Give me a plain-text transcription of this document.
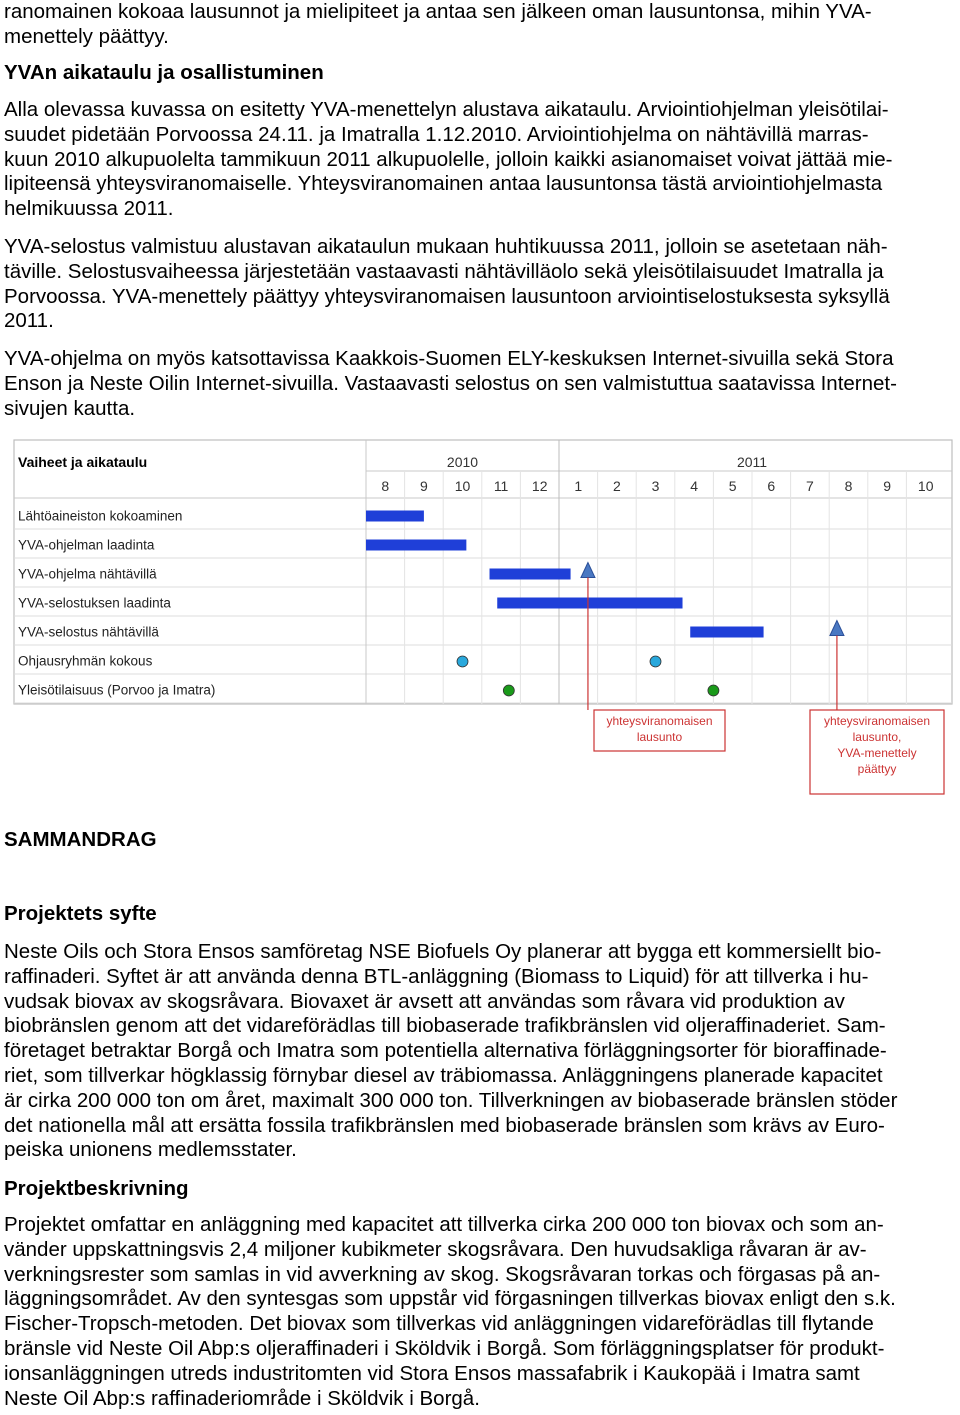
ranomainen kokoaa lausunnot ja mielipiteet ja antaa sen jälkeen oman lausuntonsa, mihin YVA-
menettely päättyy.
YVAn aikataulu ja osallistuminen
Alla olevassa kuvassa on esitetty YVA-menettelyn alustava aikataulu. Arviointiohjelman yleisötilai-
suudet pidetään Porvoossa 24.11. ja Imatralla 1.12.2010. Arviointiohjelma on nähtävillä marras-
kuun 2010 alkupuolelta tammikuun 2011 alkupuolelle, jolloin kaikki asianomaiset voivat jättää mie-
lipiteensä yhteysviranomaiselle. Yhteysviranomainen antaa lausuntonsa tästä arviointiohjelmasta
helmikuussa 2011.
YVA-selostus valmistuu alustavan aikataulun mukaan huhtikuussa 2011, jolloin se asetetaan näh-
täville. Selostusvaiheessa järjestetään vastaavasti nähtävilläolo sekä yleisötilaisuudet Imatralla ja
Porvoossa. YVA-menettely päättyy yhteysviranomaisen lausuntoon arviointiselostuksesta syksyllä
2011.
YVA-ohjelma on myös katsottavissa Kaakkois-Suomen ELY-keskuksen Internet-sivuilla sekä Stora
Enson ja Neste Oilin Internet-sivuilla. Vastaavasti selostus on sen valmistuttua saatavissa Internet-
sivujen kautta.
Vaiheet ja aikataulu	2010	2011
8 9 10 11 12 1 2 3 4 5 6 7 8 9 10
Lähtöaineiston kokoaminen
YVA-ohjelman laadinta
YVA-ohjelma nähtävillä
YVA-selostuksen laadinta
YVA-selostus nähtävillä
Ohjausryhmän kokous
Yleisötilaisuus (Porvoo ja Imatra)
yhteysviranomaisen
lausunto
yhteysviranomaisen
lausunto,
YVA-menettely
päättyy
SAMMANDRAG
Projektets syfte
Neste Oils och Stora Ensos samföretag NSE Biofuels Oy planerar att bygga ett kommersiellt bio-
raffinaderi. Syftet är att använda denna BTL-anläggning (Biomass to Liquid) för att tillverka i hu-
vudsak biovax av skogsråvara. Biovaxet är avsett att användas som råvara vid produktion av
biobränslen genom att det vidareförädlas till biobaserade trafikbränslen vid oljeraffinaderiet. Sam-
företaget betraktar Borgå och Imatra som potentiella alternativa förläggningsorter för bioraffinade-
riet, som tillverkar högklassig förnybar diesel av träbiomassa. Anläggningens planerade kapacitet
är cirka 200 000 ton om året, maximalt 300 000 ton. Tillverkningen av biobaserade bränslen stöder
det nationella mål att ersätta fossila trafikbränslen med biobaserade bränslen som krävs av Euro-
peiska unionens medlemsstater.
Projektbeskrivning
Projektet omfattar en anläggning med kapacitet att tillverka cirka 200 000 ton biovax och som an-
vänder uppskattningsvis 2,4 miljoner kubikmeter skogsråvara. Den huvudsakliga råvaran är av-
verkningsrester som samlas in vid avverkning av skog. Skogsråvaran torkas och förgasas på an-
läggningsområdet. Av den syntesgas som uppstår vid förgasningen tillverkas biovax enligt den s.k.
Fischer-Tropsch-metoden. Det biovax som tillverkas vid anläggningen vidareförädlas till flytande
bränsle vid Neste Oil Abp:s oljeraffinaderi i Sköldvik i Borgå. Som förläggningsplatser för produkt-
ionsanläggningen utreds industritomten vid Stora Ensos massafabrik i Kaukopää i Imatra samt
Neste Oil Abp:s raffinaderiområde i Sköldvik i Borgå.
